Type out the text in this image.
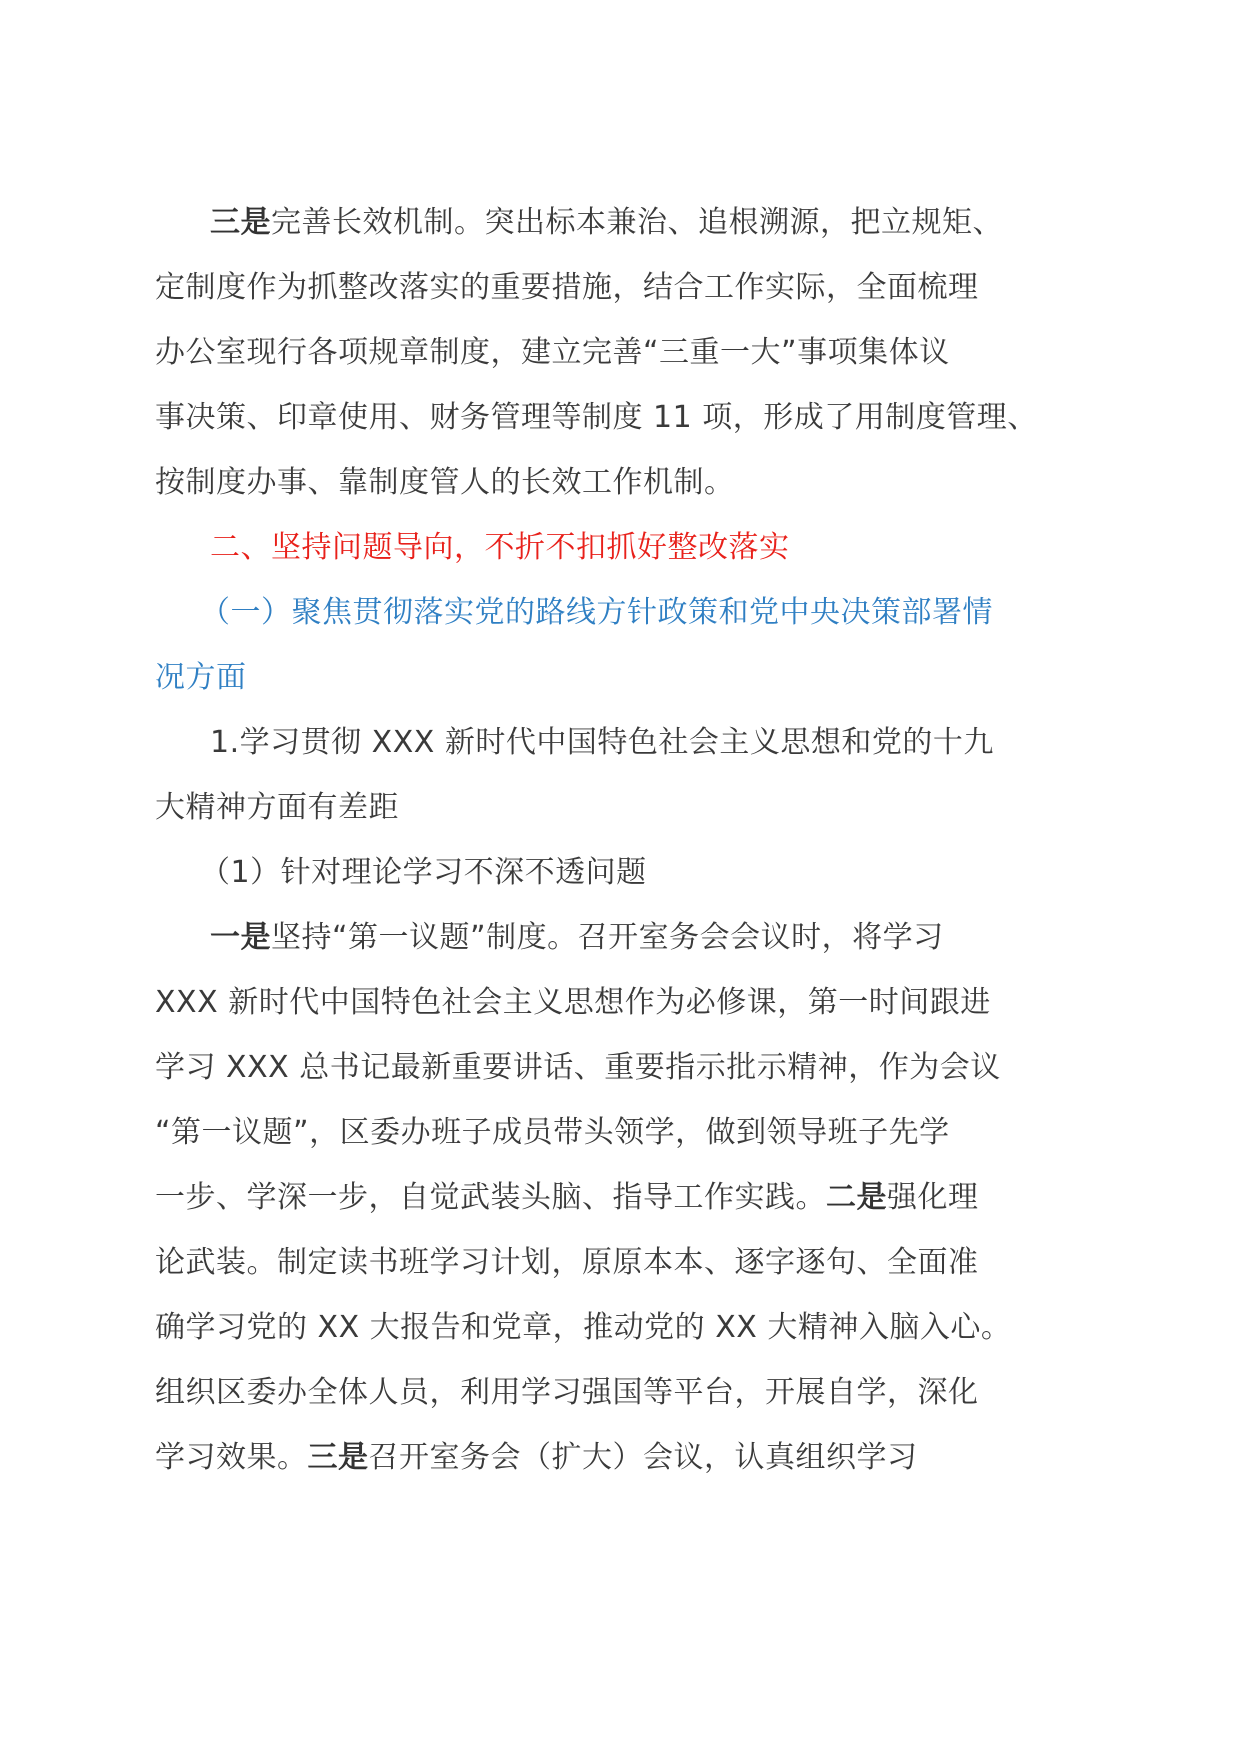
三是完善长效机制。突出标本兼治、追根溯源，把立规矩、
定制度作为抓整改落实的重要措施，结合工作实际，全面梳理
办公室现行各项规章制度，建立完善“三重一大”事项集体议
事决策、印章使用、财务管理等制度 11 项，形成了用制度管理、
按制度办事、靠制度管人的长效工作机制。
二、坚持问题导向，不折不扣抓好整改落实
（一）聚焦贯彻落实党的路线方针政策和党中央决策部署情
况方面
1.学习贯彻 XXX 新时代中国特色社会主义思想和党的十九
大精神方面有差距
（1）针对理论学习不深不透问题
一是坚持“第一议题”制度。召开室务会会议时，将学习
XXX 新时代中国特色社会主义思想作为必修课，第一时间跟进
学习 XXX 总书记最新重要讲话、重要指示批示精神，作为会议
“第一议题”，区委办班子成员带头领学，做到领导班子先学
一步、学深一步，自觉武装头脑、指导工作实践。二是强化理
论武装。制定读书班学习计划，原原本本、逐字逐句、全面准
确学习党的 XX 大报告和党章，推动党的 XX 大精神入脑入心。
组织区委办全体人员，利用学习强国等平台，开展自学，深化
学习效果。三是召开室务会（扩大）会议，认真组织学习
